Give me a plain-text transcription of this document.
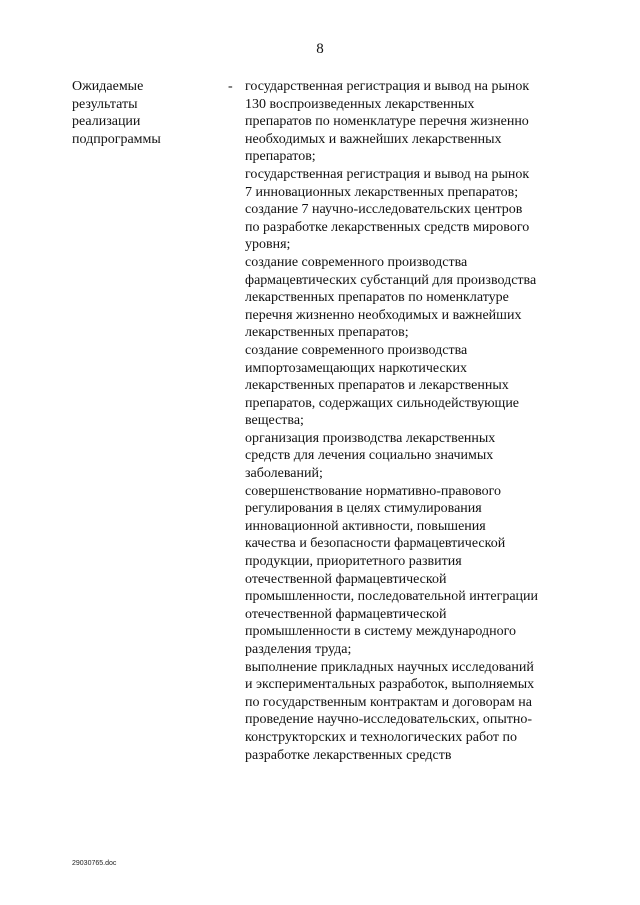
8
Ожидаемые
результаты
реализации
подпрограммы
- государственная регистрация и вывод на рынок
130 воспроизведенных лекарственных
препаратов по номенклатуре перечня жизненно
необходимых и важнейших лекарственных
препаратов;
государственная регистрация и вывод на рынок
7 инновационных лекарственных препаратов;
создание 7 научно-исследовательских центров
по разработке лекарственных средств мирового
уровня;
создание современного производства
фармацевтических субстанций для производства
лекарственных препаратов по номенклатуре
перечня жизненно необходимых и важнейших
лекарственных препаратов;
создание современного производства
импортозамещающих наркотических
лекарственных препаратов и лекарственных
препаратов, содержащих сильнодействующие
вещества;
организация производства лекарственных
средств для лечения социально значимых
заболеваний;
совершенствование нормативно-правового
регулирования в целях стимулирования
инновационной активности, повышения
качества и безопасности фармацевтической
продукции, приоритетного развития
отечественной фармацевтической
промышленности, последовательной интеграции
отечественной фармацевтической
промышленности в систему международного
разделения труда;
выполнение прикладных научных исследований
и экспериментальных разработок, выполняемых
по государственным контрактам и договорам на
проведение научно-исследовательских, опытно-
конструкторских и технологических работ по
разработке лекарственных средств
29030765.doc
